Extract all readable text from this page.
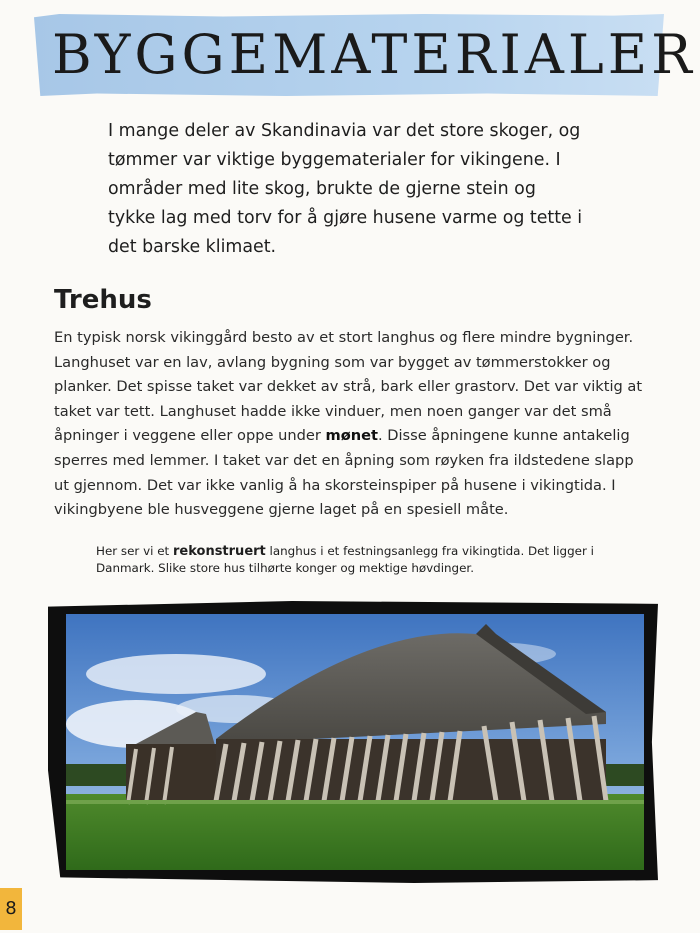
BYGGEMATERIALER

I mange deler av Skandinavia var det store skoger, og tømmer var viktige byggematerialer for vikingene. I områder med lite skog, brukte de gjerne stein og tykke lag med torv for å gjøre husene varme og tette i det barske klimaet.

Trehus

En typisk norsk vikinggård besto av et stort langhus og flere mindre bygninger. Langhuset var en lav, avlang bygning som var bygget av tømmerstokker og planker. Det spisse taket var dekket av strå, bark eller grastorv. Det var viktig at taket var tett. Langhuset hadde ikke vinduer, men noen ganger var det små åpninger i veggene eller oppe under mønet. Disse åpningene kunne antakelig sperres med lemmer. I taket var det en åpning som røyken fra ildstedene slapp ut gjennom. Det var ikke vanlig å ha skorsteinspiper på husene i vikingtida. I vikingbyene ble husveggene gjerne laget på en spesiell måte.

Her ser vi et rekonstruert langhus i et festningsanlegg fra vikingtida. Det ligger i Danmark. Slike store hus tilhørte konger og mektige høvdinger.

8
